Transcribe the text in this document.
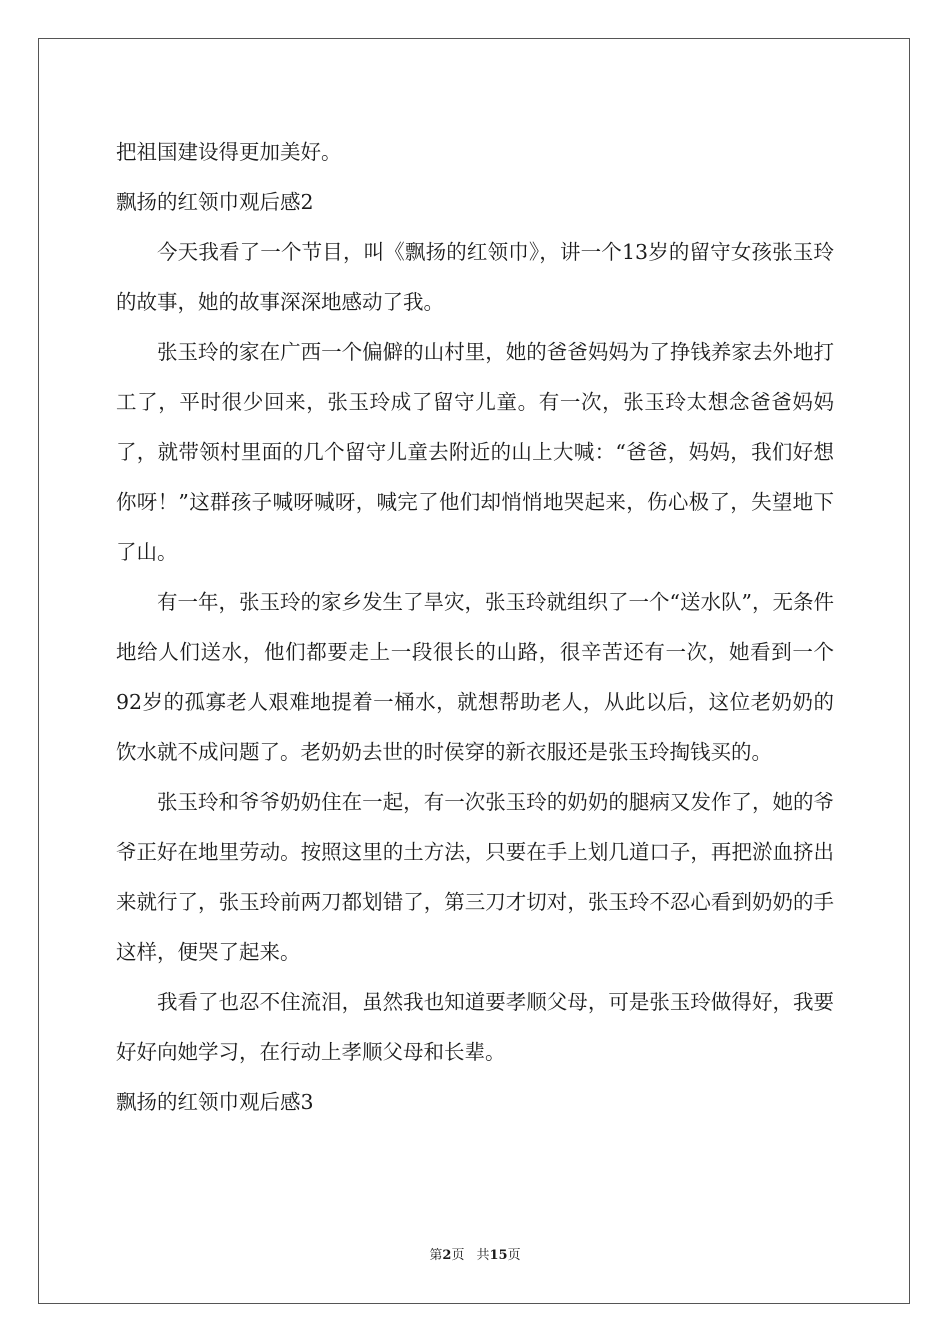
把祖国建设得更加美好。

飘扬的红领巾观后感2

今天我看了一个节目，叫《飘扬的红领巾》，讲一个13岁的留守女孩张玉玲的故事，她的故事深深地感动了我。

张玉玲的家在广西一个偏僻的山村里，她的爸爸妈妈为了挣钱养家去外地打工了，平时很少回来，张玉玲成了留守儿童。有一次，张玉玲太想念爸爸妈妈了，就带领村里面的几个留守儿童去附近的山上大喊：“爸爸，妈妈，我们好想你呀！”这群孩子喊呀喊呀，喊完了他们却悄悄地哭起来，伤心极了，失望地下了山。

有一年，张玉玲的家乡发生了旱灾，张玉玲就组织了一个“送水队”，无条件地给人们送水，他们都要走上一段很长的山路，很辛苦还有一次，她看到一个92岁的孤寡老人艰难地提着一桶水，就想帮助老人，从此以后，这位老奶奶的饮水就不成问题了。老奶奶去世的时侯穿的新衣服还是张玉玲掏钱买的。

张玉玲和爷爷奶奶住在一起，有一次张玉玲的奶奶的腿病又发作了，她的爷爷正好在地里劳动。按照这里的土方法，只要在手上划几道口子，再把淤血挤出来就行了，张玉玲前两刀都划错了，第三刀才切对，张玉玲不忍心看到奶奶的手这样，便哭了起来。

我看了也忍不住流泪，虽然我也知道要孝顺父母，可是张玉玲做得好，我要好好向她学习，在行动上孝顺父母和长辈。

飘扬的红领巾观后感3

第2页 共15页
